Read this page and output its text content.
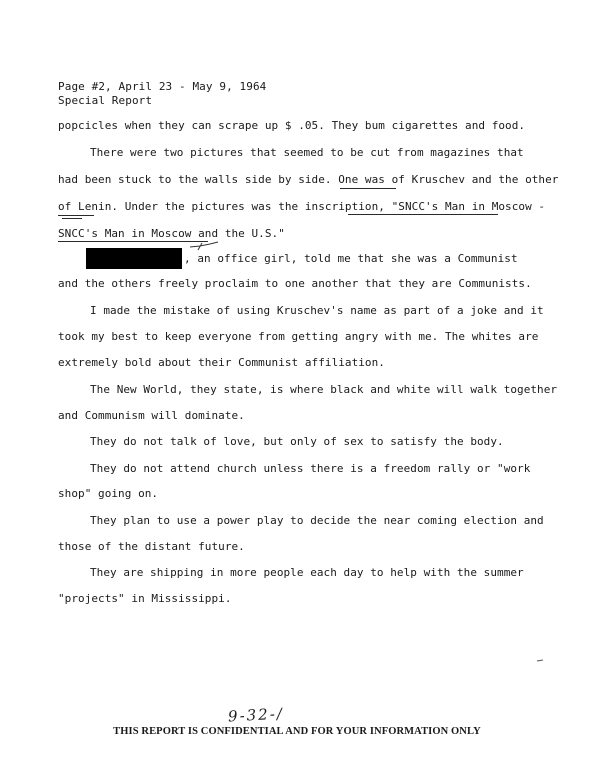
Page #2, April 23 - May 9, 1964
Special Report
popcicles when they can scrape up $ .05. They bum cigarettes and food.
There were two pictures that seemed to be cut from magazines that
had been stuck to the walls side by side. One was of Kruschev and the other
of Lenin. Under the pictures was the inscription, "SNCC's Man in Moscow -
SNCC's Man in Moscow and the U.S."
, an office girl, told me that she was a Communist
and the others freely proclaim to one another that they are Communists.
I made the mistake of using Kruschev's name as part of a joke and it
took my best to keep everyone from getting angry with me. The whites are
extremely bold about their Communist affiliation.
The New World, they state, is where black and white will walk together
and Communism will dominate.
They do not talk of love, but only of sex to satisfy the body.
They do not attend church unless there is a freedom rally or "work
shop" going on.
They plan to use a power play to decide the near coming election and
those of the distant future.
They are shipping in more people each day to help with the summer
"projects" in Mississippi.
9-32-/
THIS REPORT IS CONFIDENTIAL AND FOR YOUR INFORMATION ONLY
